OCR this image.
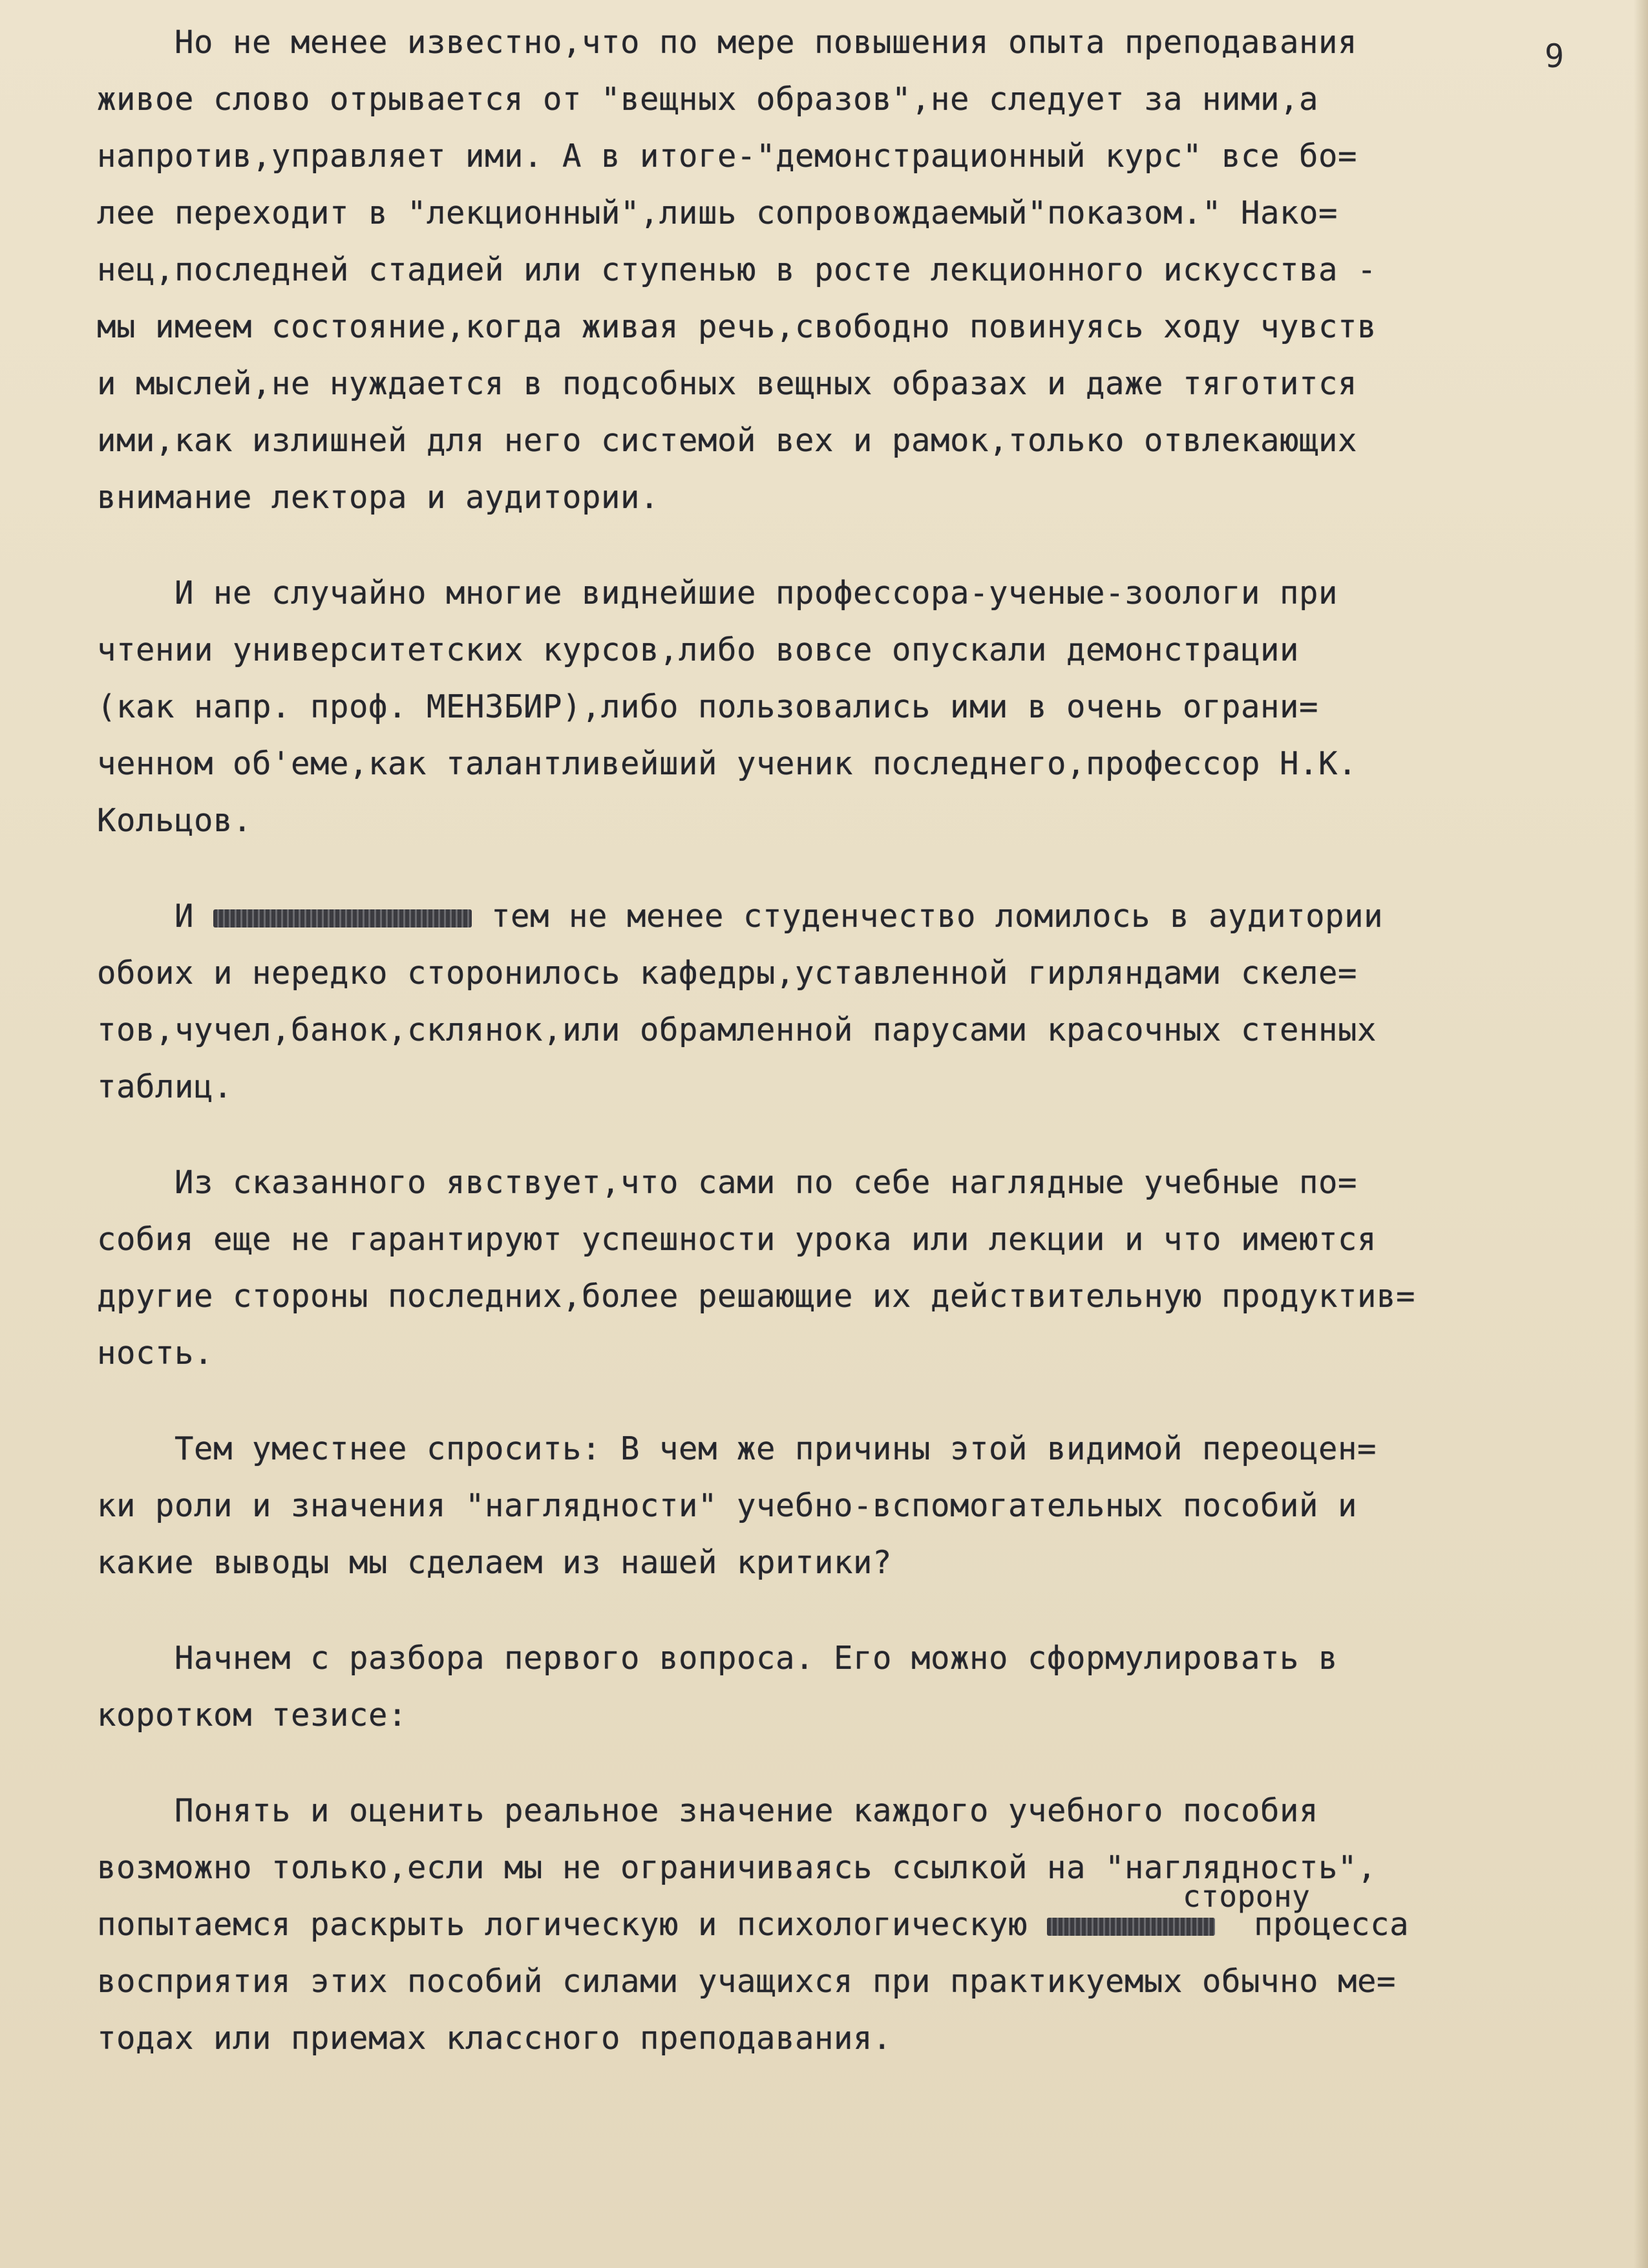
9
Но не менее известно,что по мере повышения опыта преподавания
живое слово отрывается от "вещных образов",не следует за ними,а
напротив,управляет ими. А в итоге-"демонстрационный курс" все бо=
лее переходит в "лекционный",лишь сопровождаемый"показом." Нако=
нец,последней стадией или ступенью в росте лекционного искусства -
мы имеем состояние,когда живая речь,свободно повинуясь ходу чувств
и мыслей,не нуждается в подсобных вещных образах и даже тяготится
ими,как излишней для него системой вех и рамок,только отвлекающих
внимание лектора и аудитории.
И не случайно многие виднейшие профессора-ученые-зоологи при
чтении университетских курсов,либо вовсе опускали демонстрации
(как напр. проф. МЕНЗБИР),либо пользовались ими в очень ограни=
ченном об'еме,как талантливейший ученик последнего,профессор Н.К.
Кольцов.
И	тем не менее студенчество ломилось в аудитории
обоих и нередко сторонилось кафедры,уставленной гирляндами скеле=
тов,чучел,банок,склянок,или обрамленной парусами красочных стенных
таблиц.
Из сказанного явствует,что сами по себе наглядные учебные по=
собия еще не гарантируют успешности урока или лекции и что имеются
другие стороны последних,более решающие их действительную продуктив=
ность.
Тем уместнее спросить: В чем же причины этой видимой переоцен=
ки роли и значения "наглядности" учебно-вспомогательных пособий и
какие выводы мы сделаем из нашей критики?
Начнем с разбора первого вопроса. Его можно сформулировать в
коротком тезисе:
Понять и оценить реальное значение каждого учебного пособия
возможно только,если мы не ограничиваясь ссылкой на "наглядность",
попытаемся раскрыть логическую и психологическую	процесса
сторону
восприятия этих пособий силами учащихся при практикуемых обычно ме=
тодах или приемах классного преподавания.
